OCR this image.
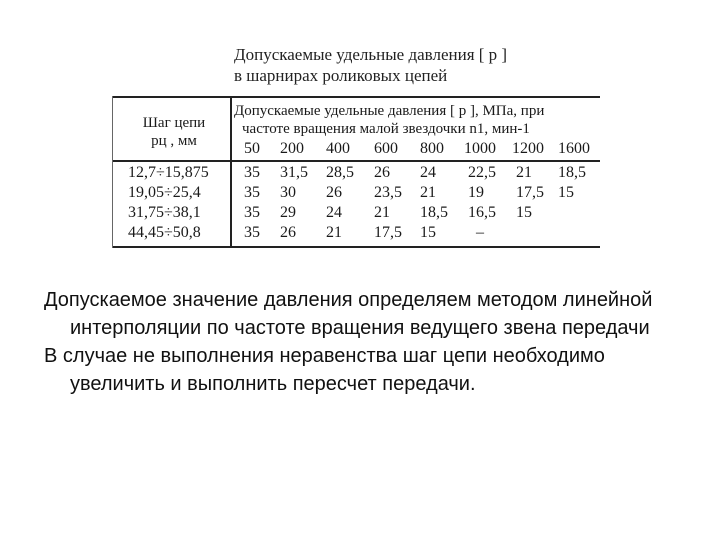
Допускаемые удельные давления [ p ]
в шарнирах роликовых цепей
Шаг цепи
pц , мм
Допускаемые удельные давления [ p ], МПа, при
частоте вращения малой звездочки n1, мин-1
50 200 400 600 800 1000 1200 1600
12,7÷15,875 35 31,5 28,5 26 24 22,5 21 18,5
19,05÷25,4	35 30 26 23,5 21 19 17,5 15
31,75÷38,1	35 29 24 21 18,5 16,5 15
44,45÷50,8	35 26 21 17,5 15	–

Допускаемое значение давления определяем методом линейной интерполяции по частоте вращения ведущего звена передачи

В случае не выполнения неравенства шаг цепи необходимо увеличить и выполнить пересчет передачи.
